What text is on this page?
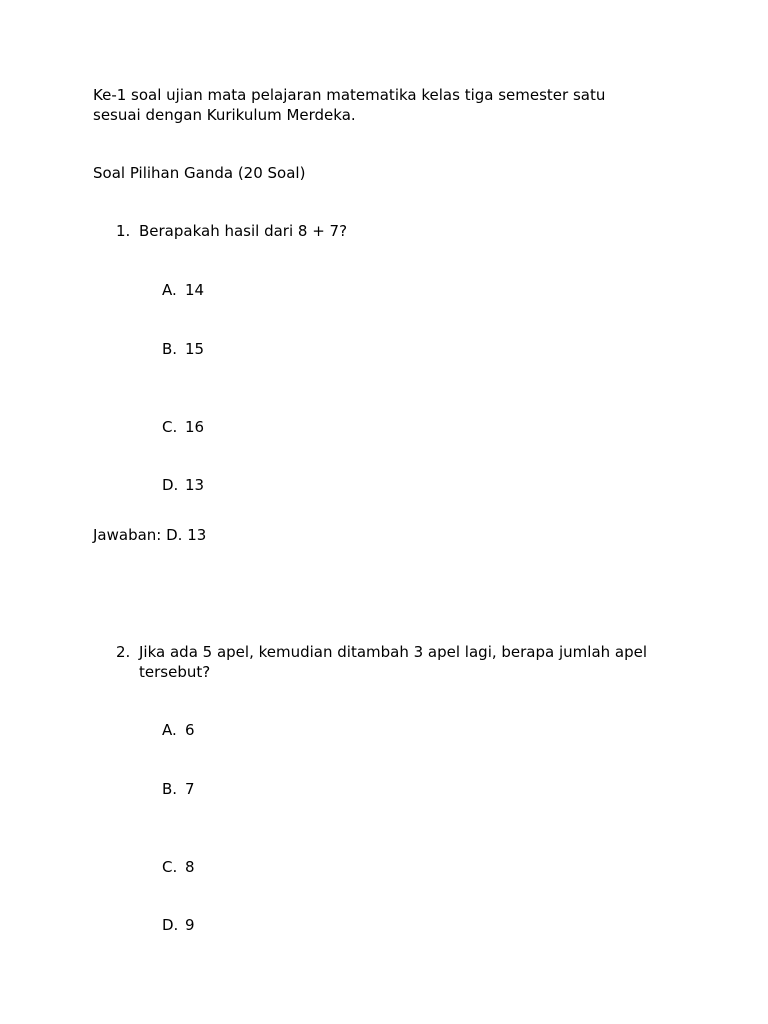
Ke-1 soal ujian mata pelajaran matematika kelas tiga semester satu sesuai dengan Kurikulum Merdeka.
Soal Pilihan Ganda (20 Soal)
1. Berapakah hasil dari 8 + 7?
A. 14
B. 15
C. 16
D. 13
Jawaban: D. 13
2. Jika ada 5 apel, kemudian ditambah 3 apel lagi, berapa jumlah apel tersebut?
A. 6
B. 7
C. 8
D. 9
